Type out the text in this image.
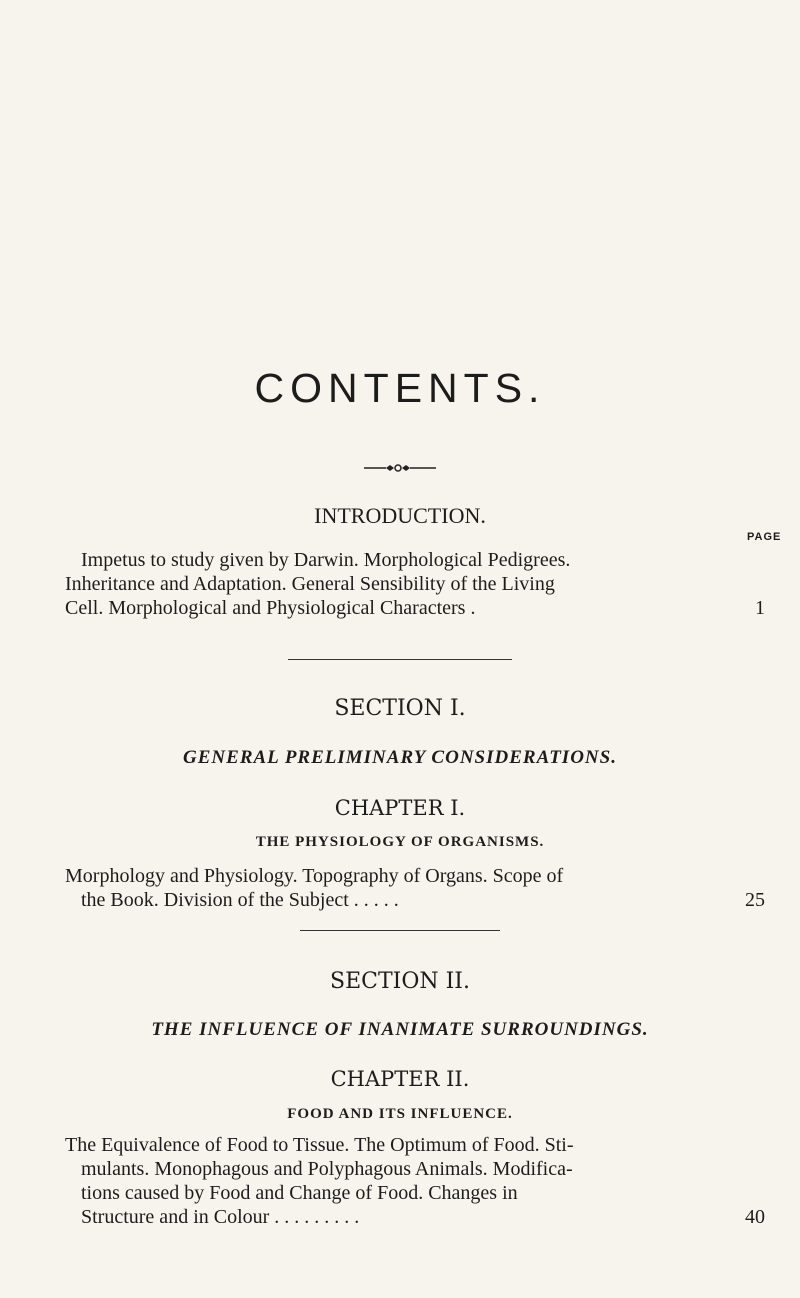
CONTENTS.
INTRODUCTION.
PAGE
Impetus to study given by Darwin. Morphological Pedigrees.
Inheritance and Adaptation. General Sensibility of the Living
Cell. Morphological and Physiological Characters .	1
SECTION I.
GENERAL PRELIMINARY CONSIDERATIONS.
CHAPTER I.
THE PHYSIOLOGY OF ORGANISMS.
Morphology and Physiology. Topography of Organs. Scope of
the Book. Division of the Subject . . . . .	25
SECTION II.
THE INFLUENCE OF INANIMATE SURROUNDINGS.
CHAPTER II.
FOOD AND ITS INFLUENCE.
The Equivalence of Food to Tissue. The Optimum of Food. Sti-
mulants. Monophagous and Polyphagous Animals. Modifica-
tions caused by Food and Change of Food. Changes in
Structure and in Colour . . . . . . . . .	40
